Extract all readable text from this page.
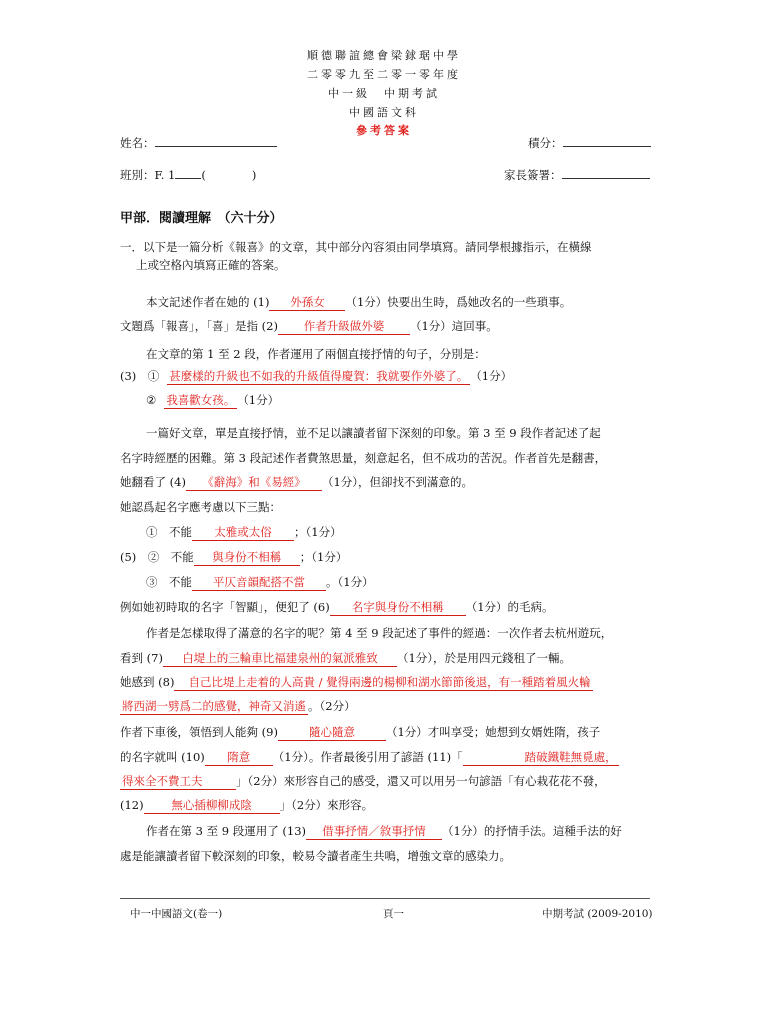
順德聯誼總會梁銶琚中學
二零零九至二零一零年度
中一級　中期考試
中國語文科
參考答案
姓名：	積分：
班別：F. 1 (	)	家長簽署：
甲部．閱讀理解　（六十分）
一．以下是一篇分析《報喜》的文章，其中部分內容須由同學填寫。請同學根據指示，在橫線
上或空格內填寫正確的答案。
本文記述作者在她的 (1) 外孫女 （1分）快要出生時，爲她改名的一些瑣事。
文題爲「報喜」，「喜」是指 (2) 作者升級做外婆 （1分）這回事。
在文章的第 1 至 2 段，作者運用了兩個直接抒情的句子，分別是：
(3)　① 甚麼樣的升級也不如我的升級值得慶賀：我就要作外婆了。 （1分）
② 我喜歡女孩。 （1分）
一篇好文章，單是直接抒情，並不足以讓讀者留下深刻的印象。第 3 至 9 段作者記述了起
名字時經歷的困難。第 3 段記述作者費煞思量，刻意起名，但不成功的苦況。作者首先是翻書，
她翻看了 (4) 《辭海》和《易經》 （1分），但卻找不到滿意的。
她認爲起名字應考慮以下三點：
①　不能 太雅或太俗 ；（1分）
(5)　②　不能 與身份不相稱 ；（1分）
③　不能 平仄音韻配搭不當 。（1分）
例如她初時取的名字「智顯」，便犯了 (6) 名字與身份不相稱 （1分）的毛病。
作者是怎樣取得了滿意的名字的呢？第 4 至 9 段記述了事件的經過：一次作者去杭州遊玩，
看到 (7) 白堤上的三輪車比福建泉州的氣派雅致 （1分），於是用四元錢租了一輛。
她感到 (8) 自己比堤上走着的人高貴 / 覺得兩邊的楊柳和湖水節節後退，有一種踏着風火輪
將西湖一劈爲二的感覺，神奇又消遙 。（2分）
作者下車後，領悟到人能夠 (9)	隨心隨意	（1分）才叫享受；她想到女婿姓隋，孩子
的名字就叫 (10) 隋意 （1分）。作者最後引用了諺語 (11)「	踏破鐵鞋無覓處，
得來全不費工夫	」（2分）來形容自己的感受，還又可以用另一句諺語「有心栽花花不發，
(12) 無心插柳柳成陰 」（2分）來形容。
作者在第 3 至 9 段運用了 (13) 借事抒情／敘事抒情 （1分）的抒情手法。這種手法的好
處是能讓讀者留下較深刻的印象，較易令讀者產生共鳴，增強文章的感染力。
中一中國語文(卷一)	頁一	中期考試 (2009-2010)
